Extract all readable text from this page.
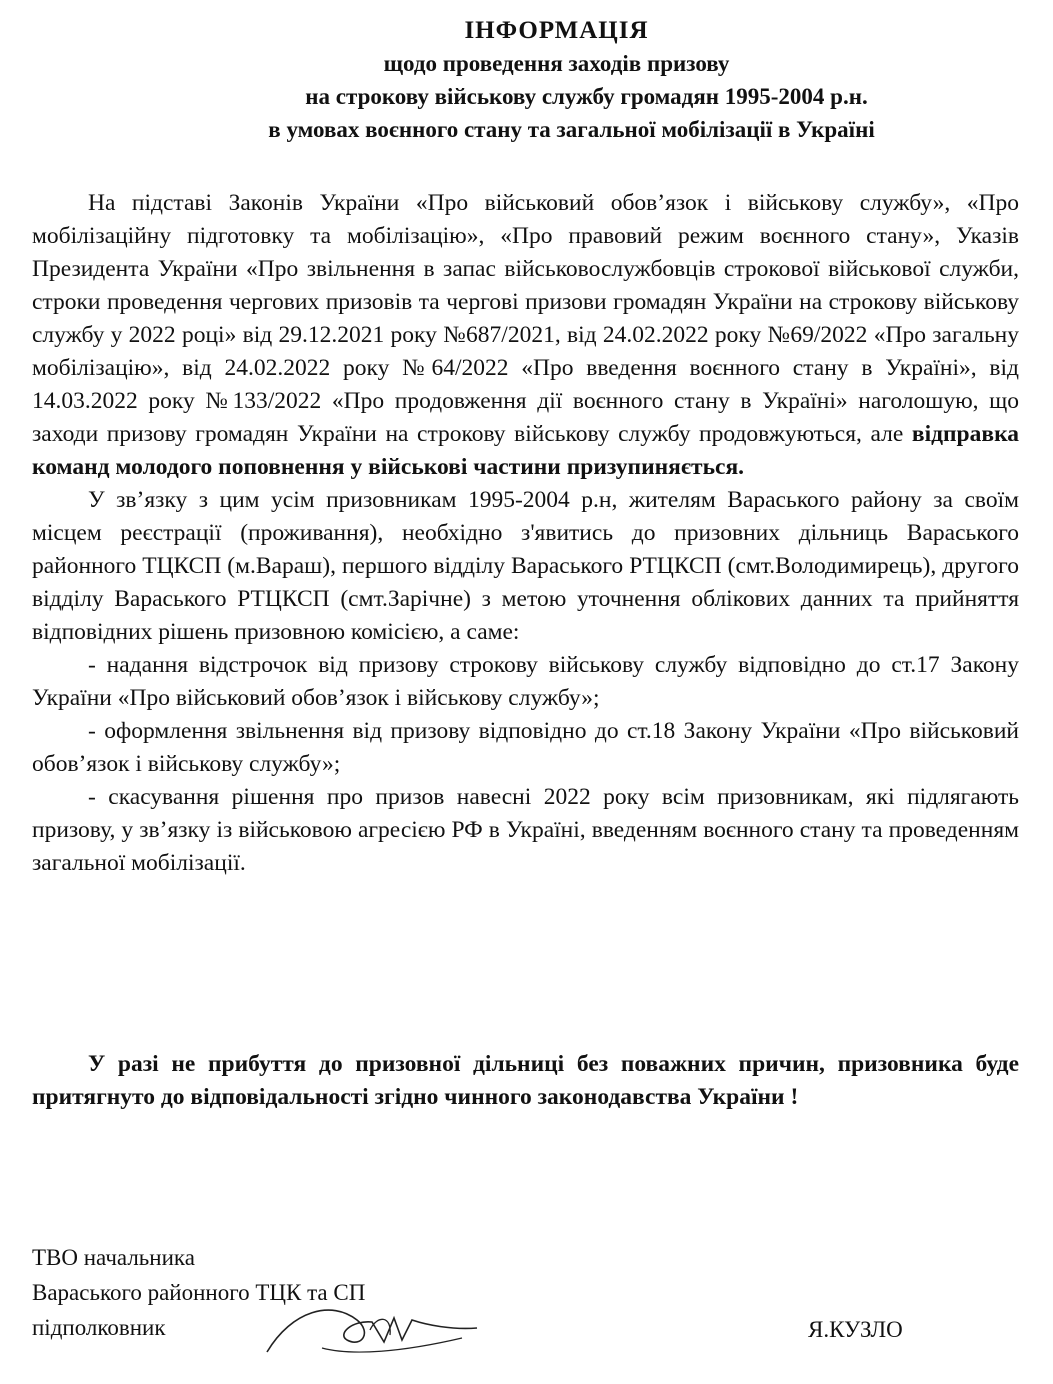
ІНФОРМАЦІЯ
щодо проведення заходів призову
на строкову військову службу громадян 1995-2004 р.н.
в умовах воєнного стану та загальної мобілізації в Україні

На підставі Законів України «Про військовий обов’язок і військову службу», «Про мобілізаційну підготовку та мобілізацію», «Про правовий режим воєнного стану», Указів Президента України «Про звільнення в запас військовослужбовців строкової військової служби, строки проведення чергових призовів та чергові призови громадян України на строкову військову службу у 2022 році» від 29.12.2021 року №687/2021, від 24.02.2022 року №69/2022 «Про загальну мобілізацію», від 24.02.2022 року №64/2022 «Про введення воєнного стану в Україні», від 14.03.2022 року №133/2022 «Про продовження дії воєнного стану в Україні» наголошую, що заходи призову громадян України на строкову військову службу продовжуються, але відправка команд молодого поповнення у військові частини призупиняється.

У зв’язку з цим усім призовникам 1995-2004 р.н, жителям Вараського району за своїм місцем реєстрації (проживання), необхідно з'явитись до призовних дільниць Вараського районного ТЦКСП (м.Вараш), першого відділу Вараського РТЦКСП (смт.Володимирець), другого відділу Вараського РТЦКСП (смт.Зарічне) з метою уточнення облікових данних та прийняття відповідних рішень призовною комісією, а саме:

- надання відстрочок від призову строкову військову службу відповідно до ст.17 Закону України «Про військовий обов’язок і військову службу»;

- оформлення звільнення від призову відповідно до ст.18 Закону України «Про військовий обов’язок і військову службу»;

- скасування рішення про призов навесні 2022 року всім призовникам, які підлягають призову, у зв’язку із військовою агресією РФ в Україні, введенням воєнного стану та проведенням загальної мобілізації.

У разі не прибуття до призовної дільниці без поважних причин, призовника буде притягнуто до відповідальності згідно чинного законодавства України !

ТВО начальника
Вараського районного ТЦК та СП
підполковник	Я.КУЗЛО
